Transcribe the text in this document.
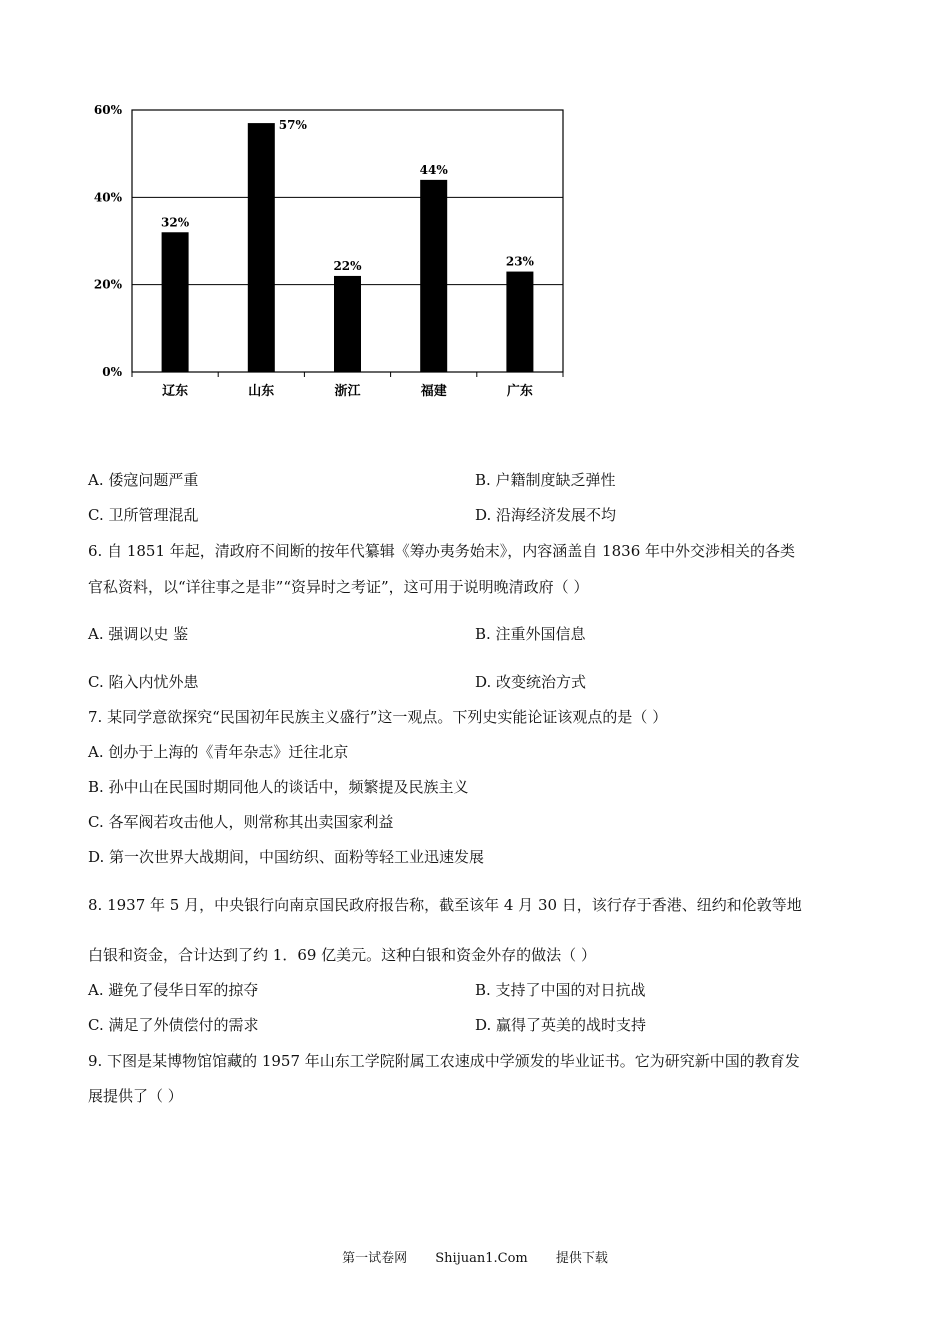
0%
20%
40%
60%
32%
辽东
57%
山东
22%
浙江
44%
福建
23%
广东
A. 倭寇问题严重	B. 户籍制度缺乏弹性
C. 卫所管理混乱	D. 沿海经济发展不均
6. 自 1851 年起，清政府不间断的按年代纂辑《筹办夷务始末》，内容涵盖自 1836 年中外交涉相关的各类
官私资料，以“详往事之是非”“资异时之考证”，这可用于说明晚清政府（ ）
A. 强调以史 鉴	B. 注重外国信息
C. 陷入内忧外患	D. 改变统治方式
7. 某同学意欲探究“民国初年民族主义盛行”这一观点。下列史实能论证该观点的是（ ）
A. 创办于上海的《青年杂志》迁往北京
B. 孙中山在民国时期同他人的谈话中，频繁提及民族主义
C. 各军阀若攻击他人，则常称其出卖国家利益
D. 第一次世界大战期间，中国纺织、面粉等轻工业迅速发展
8. 1937 年 5 月，中央银行向南京国民政府报告称，截至该年 4 月 30 日，该行存于香港、纽约和伦敦等地
白银和资金，合计达到了约 1．69 亿美元。这种白银和资金外存的做法（ ）
A. 避免了侵华日军的掠夺	B. 支持了中国的对日抗战
C. 满足了外债偿付的需求	D. 赢得了英美的战时支持
9. 下图是某博物馆馆藏的 1957 年山东工学院附属工农速成中学颁发的毕业证书。它为研究新中国的教育发
展提供了（ ）
第一试卷网 Shijuan1.Com 提供下载
